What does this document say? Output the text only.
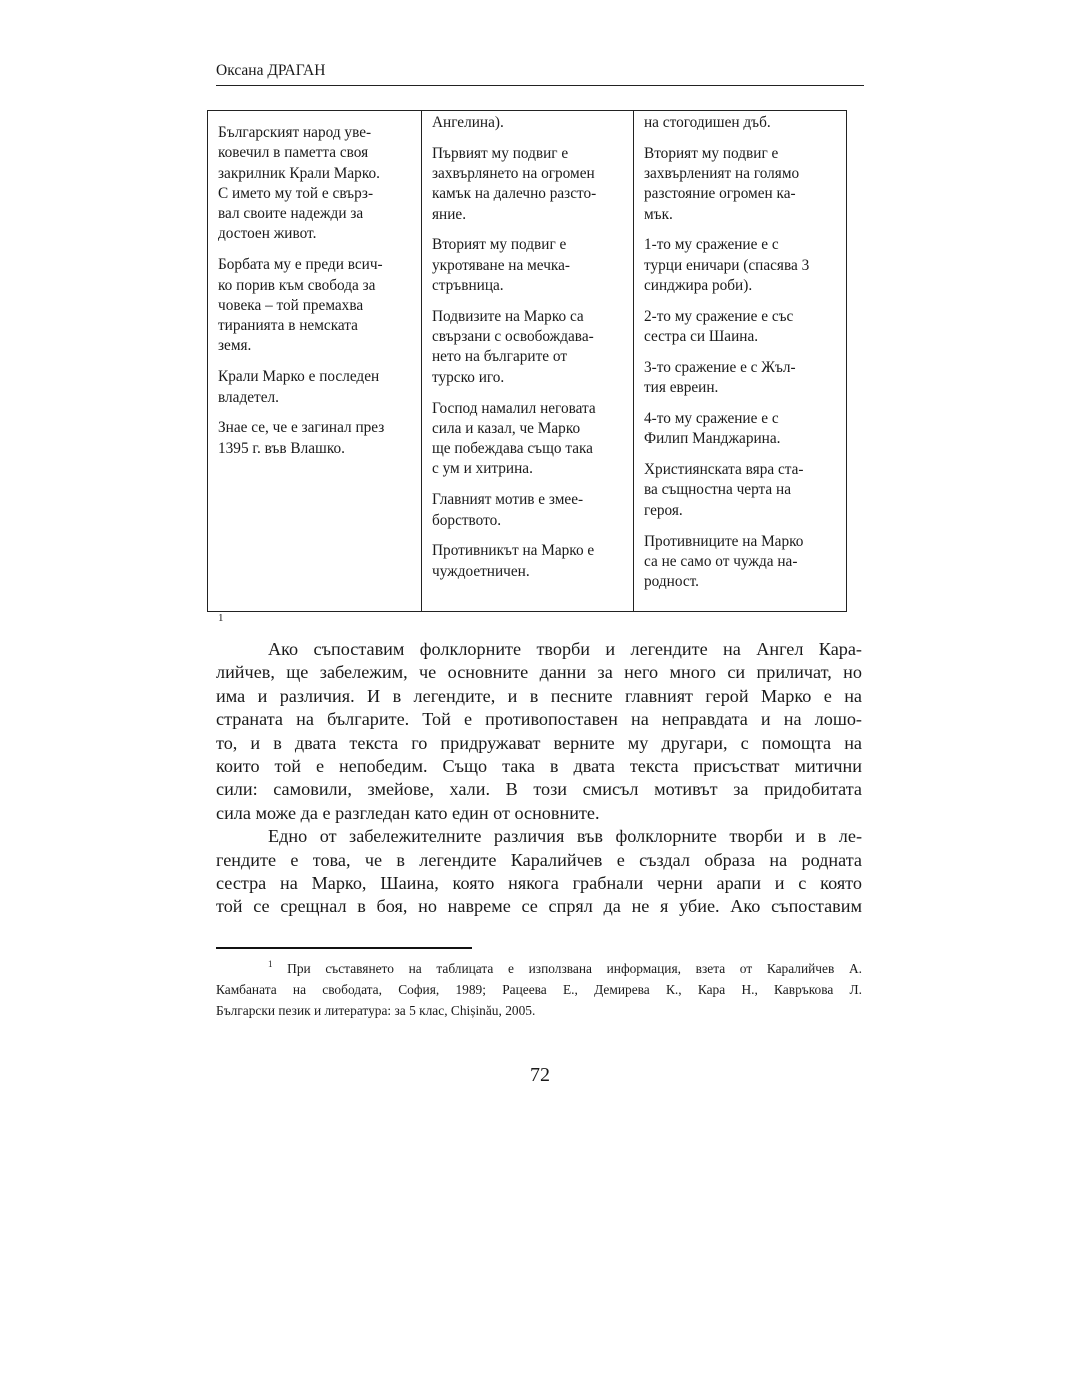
Оксана ДРАГАН
Българският народ уве-
ковечил в паметта своя
закрилник Крали Марко.
С името му той е свърз-
вал своите надежди за
достоен живот.
Борбата му е преди всич-
ко порив към свобода за
човека – той премахва
тиранията в немската
земя.
Крали Марко е последен
владетел.
Знае се, че е загинал през
1395 г. във Влашко.
Ангелина).
Първият му подвиг е
захвърлянето на огромен
камък на далечно разсто-
яние.
Вторият му подвиг е
укротяване на мечка-
стръвница.
Подвизите на Марко са
свързани с освобождава-
нето на българите от
турско иго.
Господ намалил неговата
сила и казал, че Марко
ще побеждава също така
с ум и хитрина.
Главният мотив е змее-
борството.
Противникът на Марко е
чуждоетничен.
на стогодишен дъб.
Вторият му подвиг е
захвърленият на голямо
разстояние огромен ка-
мък.
1-то му сражение е с
турци еничари (спасява 3
синджира роби).
2-то му сражение е със
сестра си Шаина.
3-то сражение е с Жъл-
тия евреин.
4-то му сражение е с
Филип Манджарина.
Християнската вяра ста-
ва същностна черта на
героя.
Противниците на Марко
са не само от чужда на-
родност.
1
Ако съпоставим фолклорните творби и легендите на Ангел Кара-
лийчев, ще забележим, че основните данни за него много си приличат, но
има и различия. И в легендите, и в песните главният герой Марко е на
страната на българите. Той е противопоставен на неправдата и на лошо-
то, и в двата текста го придружават верните му другари, с помощта на
които той е непобедим. Също така в двата текста присъстват митични
сили: самовили, змейове, хали. В този смисъл мотивът за придобитата
сила може да е разгледан като един от основните.
Едно от забележителните различия във фолклорните творби и в ле-
гендите е това, че в легендите Каралийчев е създал образа на родната
сестра на Марко, Шаина, която някога грабнали черни арапи и с която
той се срещнал в боя, но навреме се спрял да не я убие. Ако съпоставим
$^1$ При съставянето на таблицата е използвана информация, взета от Каралийчев А.
Камбаната на свободата, София, 1989; Рацеева Е., Демирева К., Кара Н., Кавръкова Л.
Български пезик и литература: за 5 клас, Chișinău, 2005.
72
